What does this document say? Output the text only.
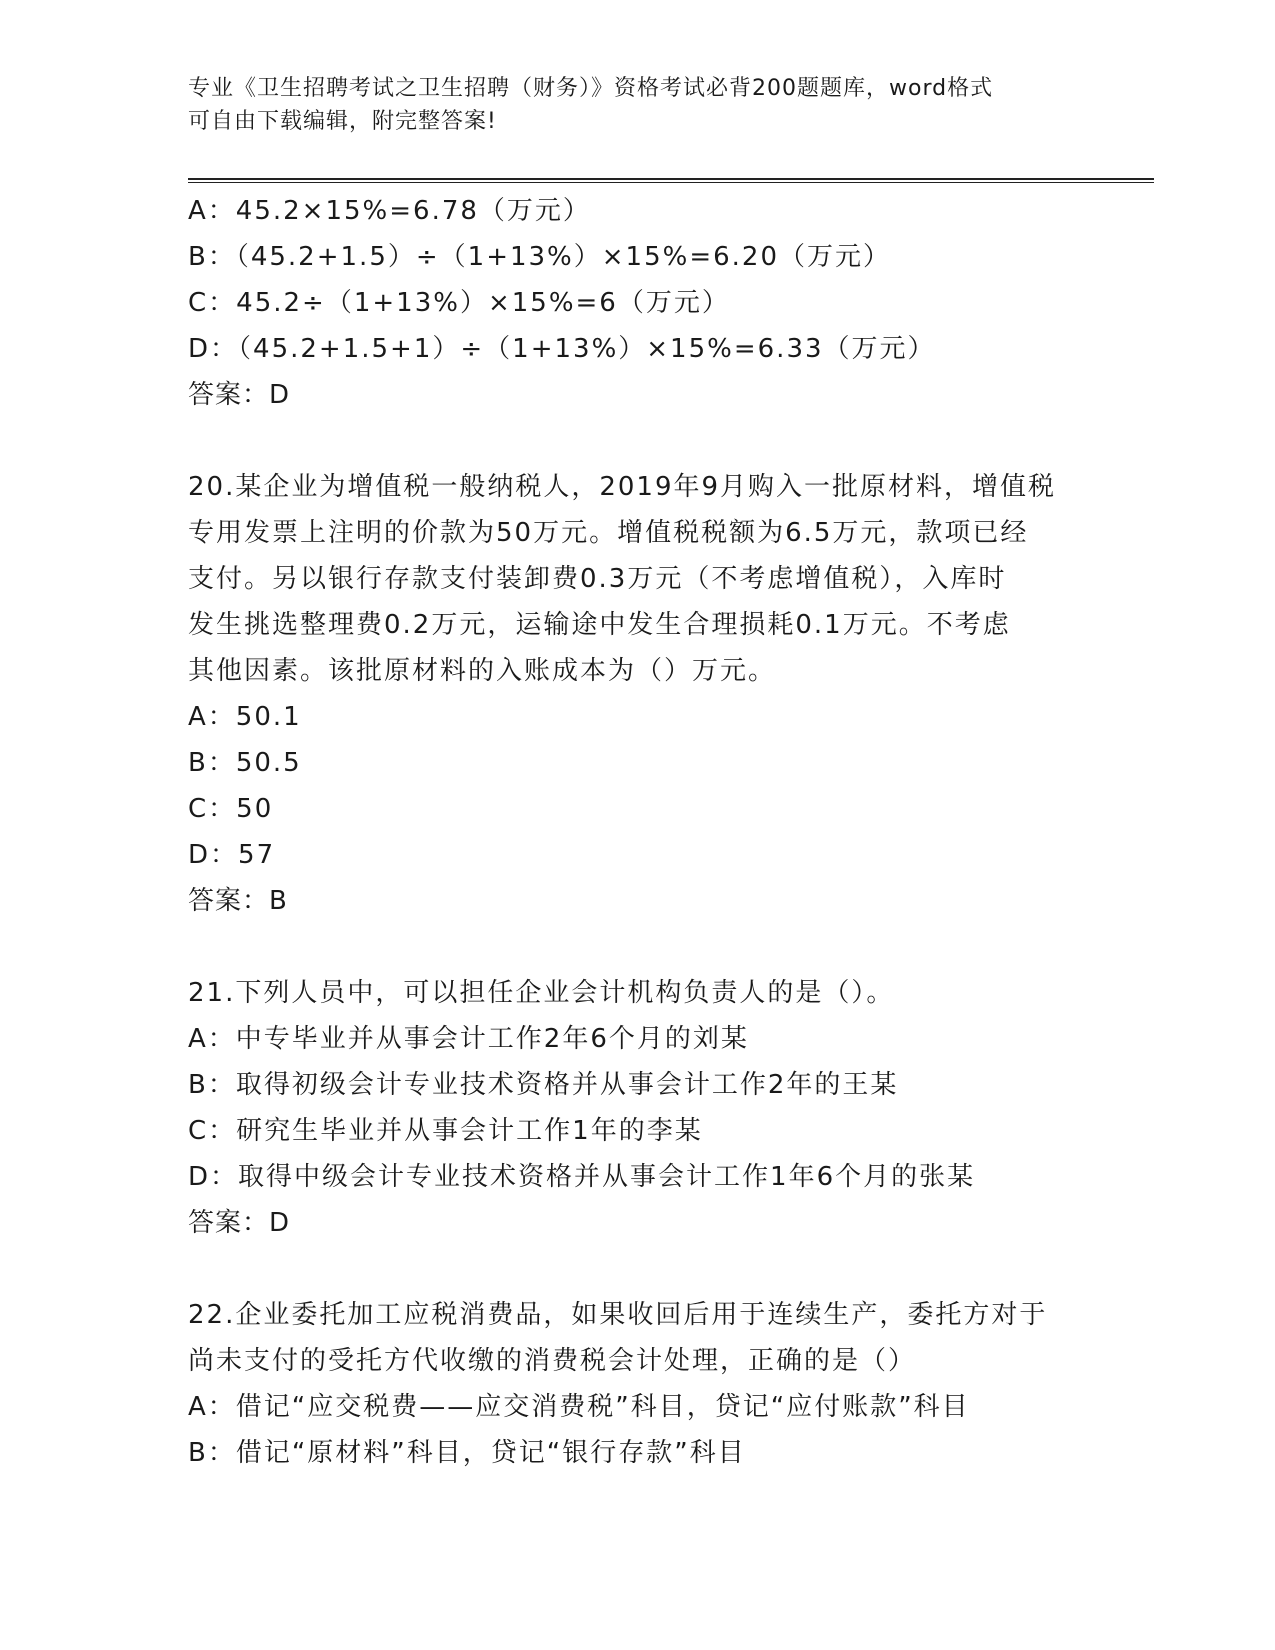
专业《卫生招聘考试之卫生招聘（财务）》资格考试必背200题题库，word格式
可自由下载编辑，附完整答案!
A：45.2×15%=6.78（万元）
B：（45.2+1.5）÷（1+13%）×15%=6.20（万元）
C：45.2÷（1+13%）×15%=6（万元）
D：（45.2+1.5+1）÷（1+13%）×15%=6.33（万元）
答案：D
20.某企业为增值税一般纳税人，2019年9月购入一批原材料，增值税
专用发票上注明的价款为50万元。增值税税额为6.5万元，款项已经
支付。另以银行存款支付装卸费0.3万元（不考虑增值税），入库时
发生挑选整理费0.2万元，运输途中发生合理损耗0.1万元。不考虑
其他因素。该批原材料的入账成本为（）万元。
A：50.1
B：50.5
C：50
D：57
答案：B
21.下列人员中，可以担任企业会计机构负责人的是（）。
A：中专毕业并从事会计工作2年6个月的刘某
B：取得初级会计专业技术资格并从事会计工作2年的王某
C：研究生毕业并从事会计工作1年的李某
D：取得中级会计专业技术资格并从事会计工作1年6个月的张某
答案：D
22.企业委托加工应税消费品，如果收回后用于连续生产，委托方对于
尚未支付的受托方代收缴的消费税会计处理，正确的是（）
A：借记“应交税费——应交消费税”科目，贷记“应付账款”科目
B：借记“原材料”科目，贷记“银行存款”科目
